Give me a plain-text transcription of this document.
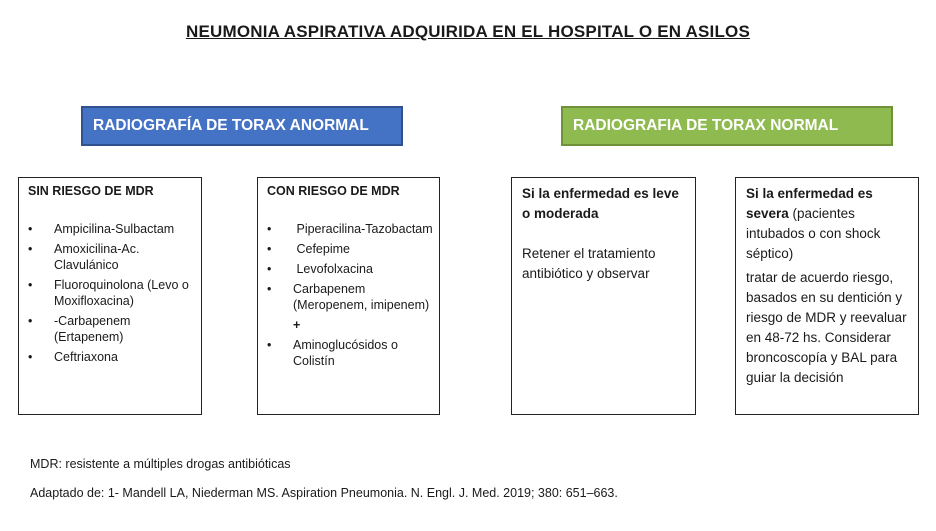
NEUMONIA ASPIRATIVA ADQUIRIDA EN EL HOSPITAL O EN ASILOS
RADIOGRAFÍA DE TORAX ANORMAL	RADIOGRAFIA DE TORAX NORMAL
SIN RIESGO DE MDR
• Ampicilina-Sulbactam
• Amoxicilina-Ac. Clavulánico
• Fluoroquinolona (Levo o Moxifloxacina)
• -Carbapenem (Ertapenem)
• Ceftriaxona
CON RIESGO DE MDR
• Piperacilina-Tazobactam
• Cefepime
• Levofolxacina
• Carbapenem (Meropenem, imipenem)
+
• Aminoglucósidos o Colistín

Si la enfermedad es leve o moderada

Retener el tratamiento antibiótico y observar

Si la enfermedad es severa (pacientes intubados o con shock séptico)

tratar de acuerdo riesgo, basados en su dentición y riesgo de MDR y reevaluar en 48-72 hs. Considerar broncoscopía y BAL para guiar la decisión

MDR: resistente a múltiples drogas antibióticas
Adaptado de: 1- Mandell LA, Niederman MS. Aspiration Pneumonia. N. Engl. J. Med. 2019; 380: 651–663.
